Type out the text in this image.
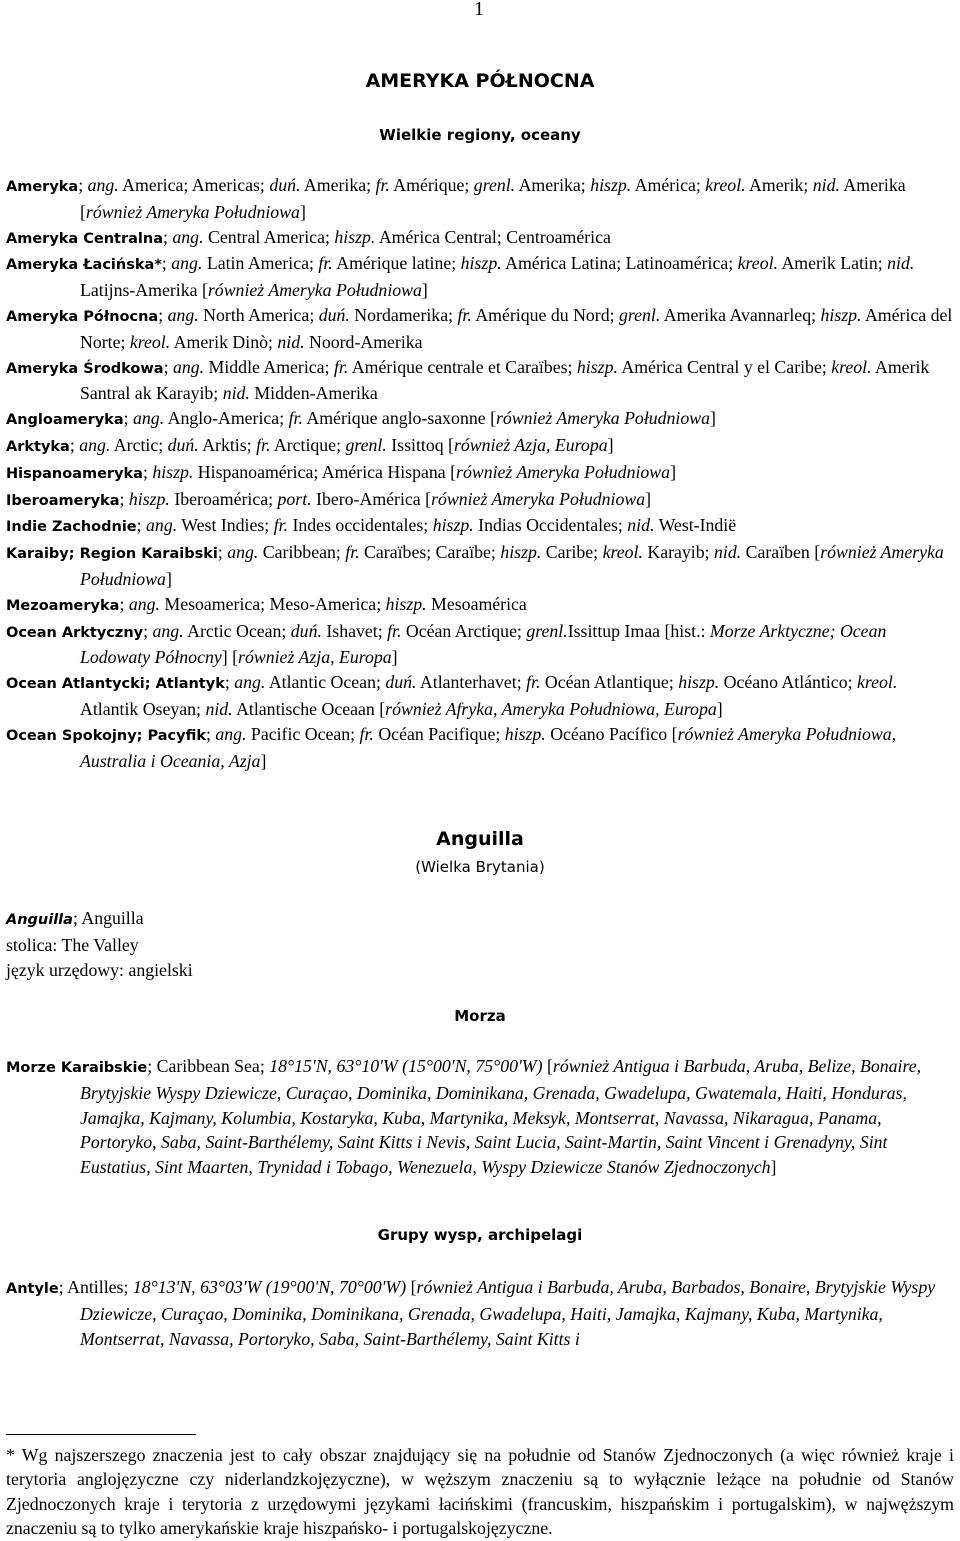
1
AMERYKA PÓŁNOCNA
Wielkie regiony, oceany

Ameryka; ang. America; Americas; duń. Amerika; fr. Amérique; grenl. Amerika; hiszp. América; kreol. Amerik; nid. Amerika [również Ameryka Południowa]

Ameryka Centralna; ang. Central America; hiszp. América Central; Centroamérica

Ameryka Łacińska*; ang. Latin America; fr. Amérique latine; hiszp. América Latina; Latinoamérica; kreol. Amerik Latin; nid. Latijns-Amerika [również Ameryka Południowa]

Ameryka Północna; ang. North America; duń. Nordamerika; fr. Amérique du Nord; grenl. Amerika Avannarleq; hiszp. América del Norte; kreol. Amerik Dinò; nid. Noord-Amerika

Ameryka Środkowa; ang. Middle America; fr. Amérique centrale et Caraïbes; hiszp. América Central y el Caribe; kreol. Amerik Santral ak Karayib; nid. Midden-Amerika

Angloameryka; ang. Anglo-America; fr. Amérique anglo-saxonne [również Ameryka Południowa]

Arktyka; ang. Arctic; duń. Arktis; fr. Arctique; grenl. Issittoq [również Azja, Europa]

Hispanoameryka; hiszp. Hispanoamérica; América Hispana [również Ameryka Południowa]

Iberoameryka; hiszp. Iberoamérica; port. Ibero-América [również Ameryka Południowa]

Indie Zachodnie; ang. West Indies; fr. Indes occidentales; hiszp. Indias Occidentales; nid. West-Indië

Karaiby; Region Karaibski; ang. Caribbean; fr. Caraïbes; Caraïbe; hiszp. Caribe; kreol. Karayib; nid. Caraïben [również Ameryka Południowa]

Mezoameryka; ang. Mesoamerica; Meso-America; hiszp. Mesoamérica

Ocean Arktyczny; ang. Arctic Ocean; duń. Ishavet; fr. Océan Arctique; grenl.Issittup Imaa [hist.: Morze Arktyczne; Ocean Lodowaty Północny] [również Azja, Europa]

Ocean Atlantycki; Atlantyk; ang. Atlantic Ocean; duń. Atlanterhavet; fr. Océan Atlantique; hiszp. Océano Atlántico; kreol. Atlantik Oseyan; nid. Atlantische Oceaan [również Afryka, Ameryka Południowa, Europa]

Ocean Spokojny; Pacyfik; ang. Pacific Ocean; fr. Océan Pacifique; hiszp. Océano Pacífico [również Ameryka Południowa, Australia i Oceania, Azja]

Anguilla
(Wielka Brytania)
Anguilla; Anguilla
stolica: The Valley
język urzędowy: angielski
Morza

Morze Karaibskie; Caribbean Sea; 18°15'N, 63°10'W (15°00'N, 75°00'W) [również Antigua i Barbuda, Aruba, Belize, Bonaire, Brytyjskie Wyspy Dziewicze, Curaçao, Dominika, Dominikana, Grenada, Gwadelupa, Gwatemala, Haiti, Honduras, Jamajka, Kajmany, Kolumbia, Kostaryka, Kuba, Martynika, Meksyk, Montserrat, Navassa, Nikaragua, Panama, Portoryko, Saba, Saint-Barthélemy, Saint Kitts i Nevis, Saint Lucia, Saint-Martin, Saint Vincent i Grenadyny, Sint Eustatius, Sint Maarten, Trynidad i Tobago, Wenezuela, Wyspy Dziewicze Stanów Zjednoczonych]

Grupy wysp, archipelagi

Antyle; Antilles; 18°13'N, 63°03'W (19°00'N, 70°00'W) [również Antigua i Barbuda, Aruba, Barbados, Bonaire, Brytyjskie Wyspy Dziewicze, Curaçao, Dominika, Dominikana, Grenada, Gwadelupa, Haiti, Jamajka, Kajmany, Kuba, Martynika, Montserrat, Navassa, Portoryko, Saba, Saint-Barthélemy, Saint Kitts i

* Wg najszerszego znaczenia jest to cały obszar znajdujący się na południe od Stanów Zjednoczonych (a więc również kraje i terytoria anglojęzyczne czy niderlandzkojęzyczne), w węższym znaczeniu są to wyłącznie leżące na południe od Stanów Zjednoczonych kraje i terytoria z urzędowymi językami łacińskimi (francuskim, hiszpańskim i portugalskim), w najwęższym znaczeniu są to tylko amerykańskie kraje hiszpańsko- i portugalskojęzyczne.
